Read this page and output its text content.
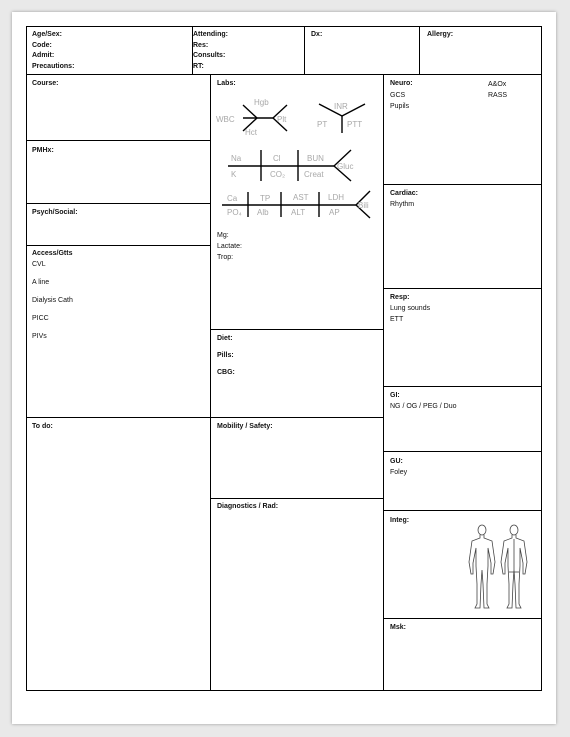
Age/Sex:
Code:
Admit:
Precautions:
Attending:
Res:
Consults:
RT:
Dx:	Allergy:
Course:
PMHx:
Psych/Social:
Access/Gtts
CVL
A line
Dialysis Cath
PICC
PIVs
To do:
Labs:
Hgb
WBC	Plt
Hct
INR
PT PTT
Na	Cl	BUN
K	CO₂ Creat
Gluc
Ca	TP	AST LDH
Bili
PO₄ Alb	ALT	AP
Mg:
Lactate:
Trop:
Diet:
Pills:
CBG:
Mobility / Safety:
Diagnostics / Rad:
Neuro:
GCS
Pupils
A&Ox
RASS
Cardiac:
Rhythm
Resp:
Lung sounds
ETT
GI:
NG / OG / PEG / Duo
GU:
Foley
Integ:
Msk:
